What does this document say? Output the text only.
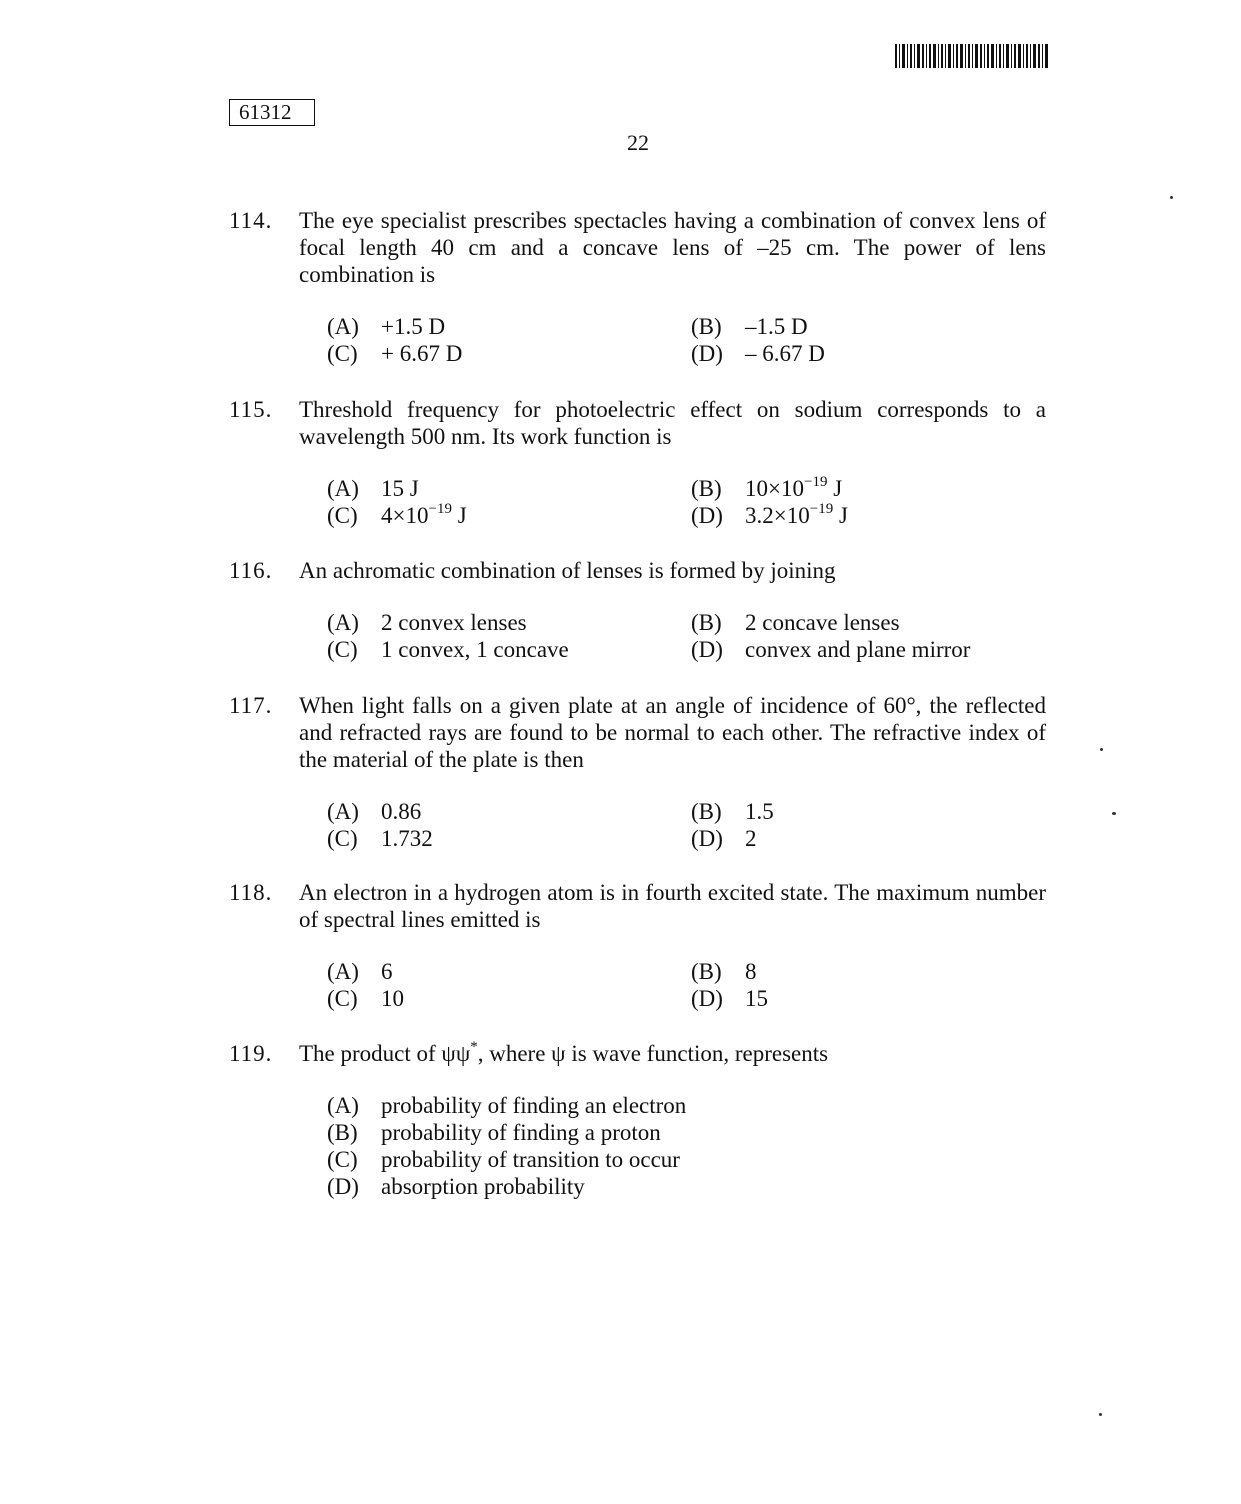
61312
22
114.	The eye specialist prescribes spectacles having a combination of convex lens of focal length 40 cm and a concave lens of –25 cm. The power of lens combination is
(A) +1.5 D	(B) –1.5 D
(C) + 6.67 D	(D) – 6.67 D
115.	Threshold frequency for photoelectric effect on sodium corresponds to a wavelength 500 nm. Its work function is
(A) 15 J	(B) $10\times 10^{-19}$ J
(C) $4\times 10^{-19}$ J	(D) $3.2\times 10^{-19}$ J
116.	An achromatic combination of lenses is formed by joining
(A) 2 convex lenses	(B) 2 concave lenses
(C) 1 convex, 1 concave	(D) convex and plane mirror
117.	When light falls on a given plate at an angle of incidence of 60°, the reflected and refracted rays are found to be normal to each other. The refractive index of the material of the plate is then
(A) 0.86	(B) 1.5
(C) 1.732	(D) 2
118.	An electron in a hydrogen atom is in fourth excited state. The maximum number of spectral lines emitted is
(A) 6	(B) 8
(C) 10	(D) 15
119.	The product of ψψ*, where ψ is wave function, represents
(A) probability of finding an electron
(B) probability of finding a proton
(C) probability of transition to occur
(D) absorption probability
